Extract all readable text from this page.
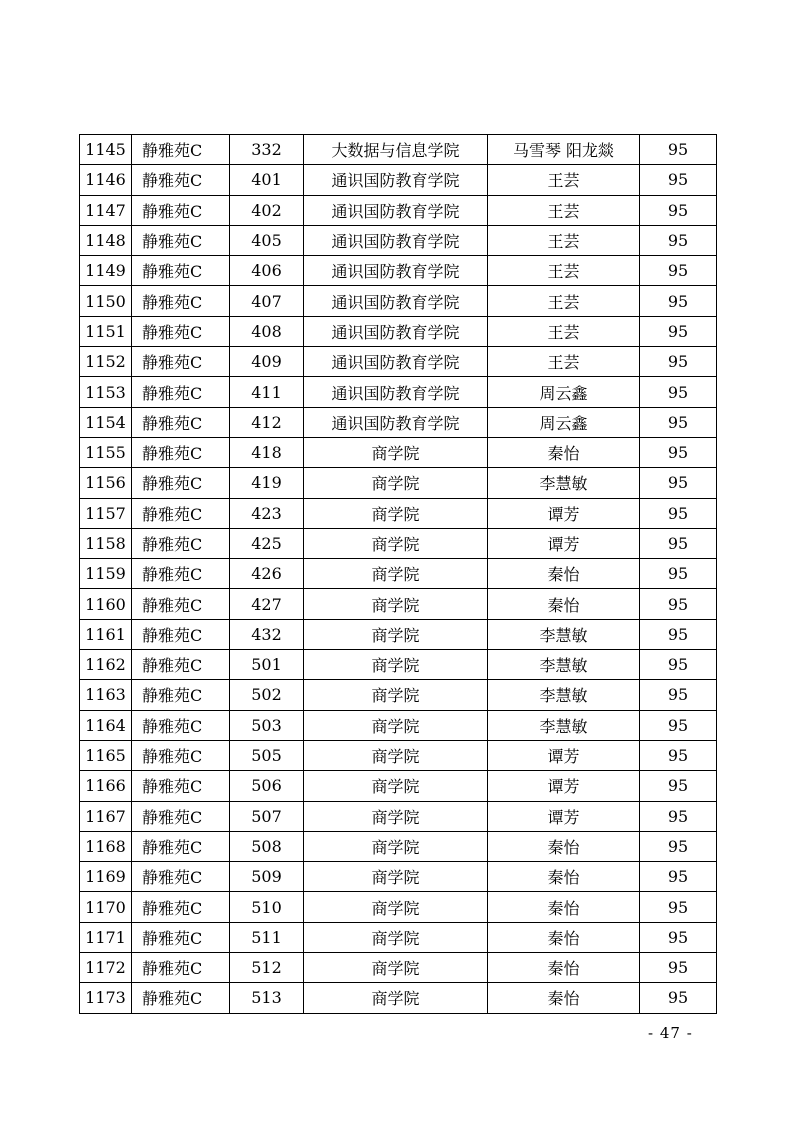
1145	静雅苑C	332	大数据与信息学院	马雪琴 阳龙燚	95
1146	静雅苑C	401	通识国防教育学院	王芸	95
1147	静雅苑C	402	通识国防教育学院	王芸	95
1148	静雅苑C	405	通识国防教育学院	王芸	95
1149	静雅苑C	406	通识国防教育学院	王芸	95
1150	静雅苑C	407	通识国防教育学院	王芸	95
1151	静雅苑C	408	通识国防教育学院	王芸	95
1152	静雅苑C	409	通识国防教育学院	王芸	95
1153	静雅苑C	411	通识国防教育学院	周云鑫	95
1154	静雅苑C	412	通识国防教育学院	周云鑫	95
1155	静雅苑C	418	商学院	秦怡	95
1156	静雅苑C	419	商学院	李慧敏	95
1157	静雅苑C	423	商学院	谭芳	95
1158	静雅苑C	425	商学院	谭芳	95
1159	静雅苑C	426	商学院	秦怡	95
1160	静雅苑C	427	商学院	秦怡	95
1161	静雅苑C	432	商学院	李慧敏	95
1162	静雅苑C	501	商学院	李慧敏	95
1163	静雅苑C	502	商学院	李慧敏	95
1164	静雅苑C	503	商学院	李慧敏	95
1165	静雅苑C	505	商学院	谭芳	95
1166	静雅苑C	506	商学院	谭芳	95
1167	静雅苑C	507	商学院	谭芳	95
1168	静雅苑C	508	商学院	秦怡	95
1169	静雅苑C	509	商学院	秦怡	95
1170	静雅苑C	510	商学院	秦怡	95
1171	静雅苑C	511	商学院	秦怡	95
1172	静雅苑C	512	商学院	秦怡	95
1173	静雅苑C	513	商学院	秦怡	95
- 47 -
